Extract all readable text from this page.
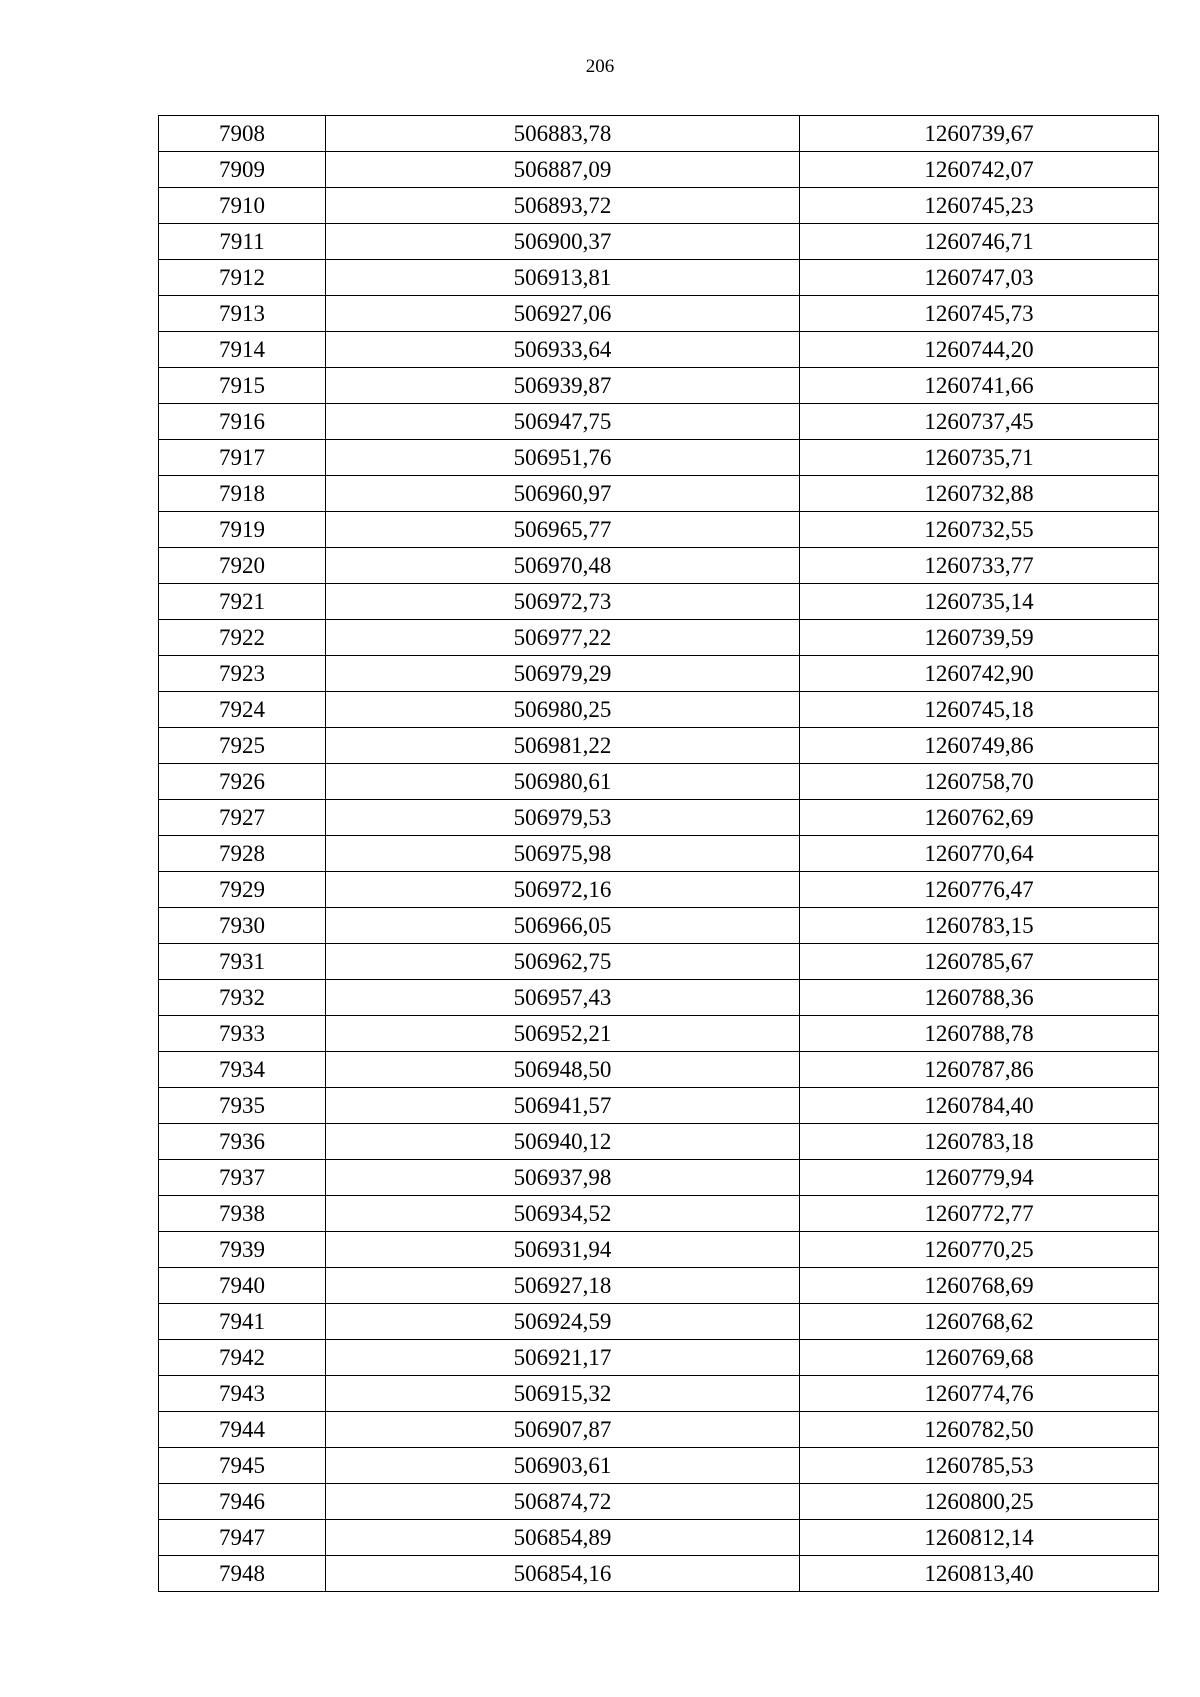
206
7908	506883,78	1260739,67
7909	506887,09	1260742,07
7910	506893,72	1260745,23
7911	506900,37	1260746,71
7912	506913,81	1260747,03
7913	506927,06	1260745,73
7914	506933,64	1260744,20
7915	506939,87	1260741,66
7916	506947,75	1260737,45
7917	506951,76	1260735,71
7918	506960,97	1260732,88
7919	506965,77	1260732,55
7920	506970,48	1260733,77
7921	506972,73	1260735,14
7922	506977,22	1260739,59
7923	506979,29	1260742,90
7924	506980,25	1260745,18
7925	506981,22	1260749,86
7926	506980,61	1260758,70
7927	506979,53	1260762,69
7928	506975,98	1260770,64
7929	506972,16	1260776,47
7930	506966,05	1260783,15
7931	506962,75	1260785,67
7932	506957,43	1260788,36
7933	506952,21	1260788,78
7934	506948,50	1260787,86
7935	506941,57	1260784,40
7936	506940,12	1260783,18
7937	506937,98	1260779,94
7938	506934,52	1260772,77
7939	506931,94	1260770,25
7940	506927,18	1260768,69
7941	506924,59	1260768,62
7942	506921,17	1260769,68
7943	506915,32	1260774,76
7944	506907,87	1260782,50
7945	506903,61	1260785,53
7946	506874,72	1260800,25
7947	506854,89	1260812,14
7948	506854,16	1260813,40
